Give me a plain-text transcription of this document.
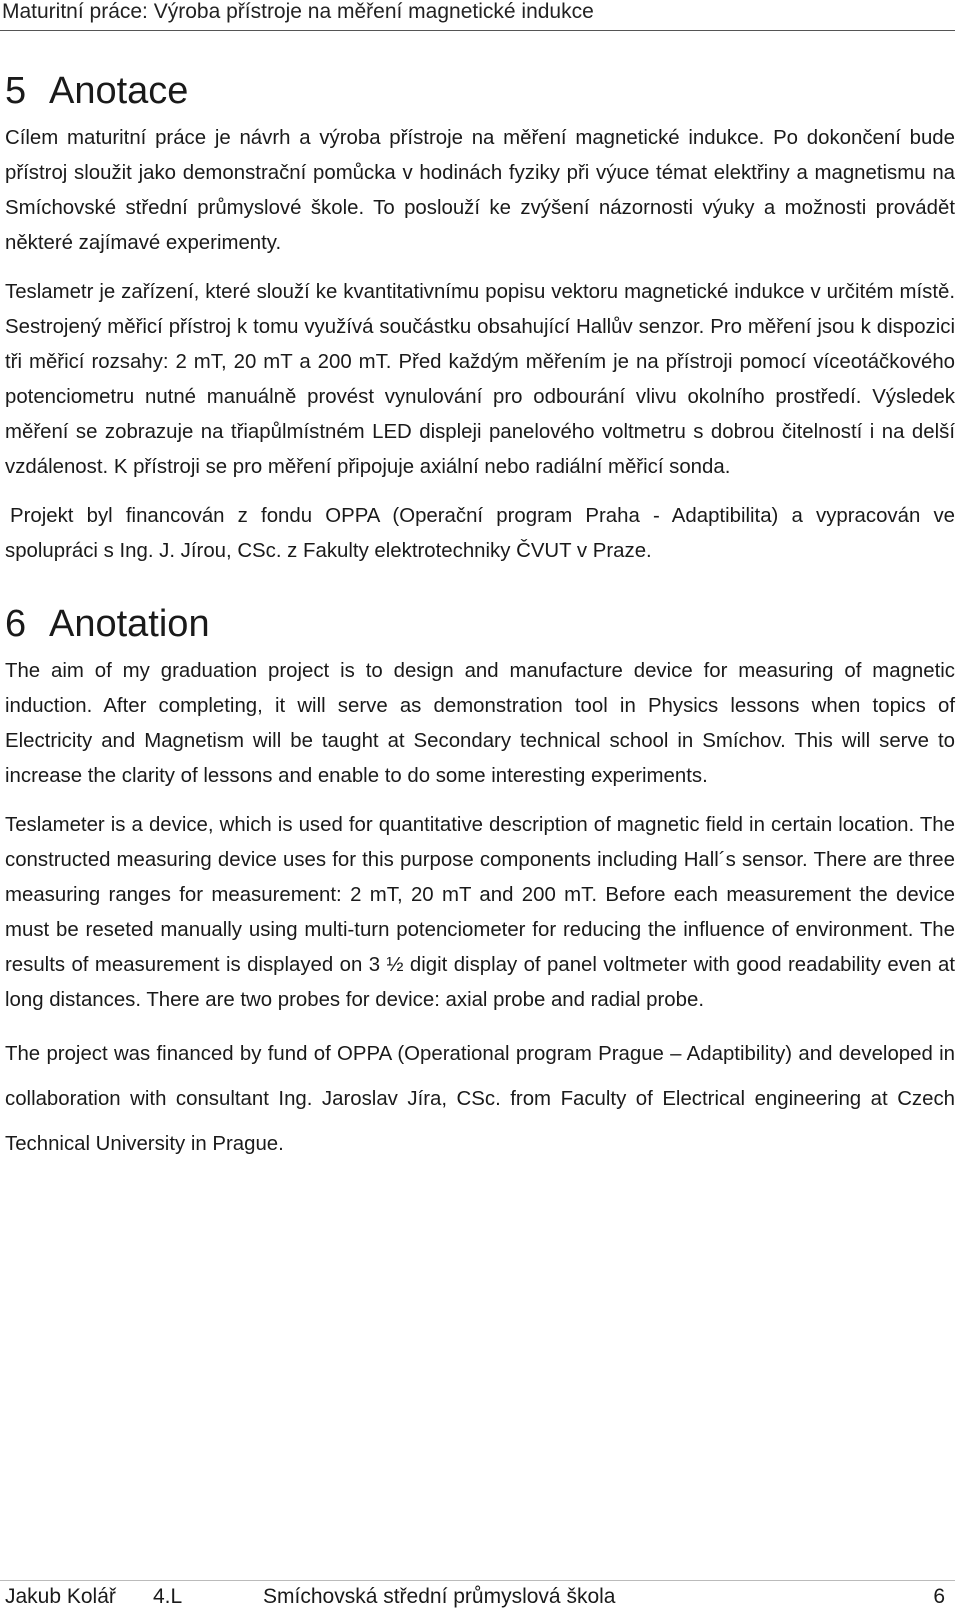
Maturitní práce: Výroba přístroje na měření magnetické indukce
5 Anotace

Cílem maturitní práce je návrh a výroba přístroje na měření magnetické indukce. Po dokončení bude přístroj sloužit jako demonstrační pomůcka v hodinách fyziky při výuce témat elektřiny a magnetismu na Smíchovské střední průmyslové škole. To poslouží ke zvýšení názornosti výuky a možnosti provádět některé zajímavé experimenty.

Teslametr je zařízení, které slouží ke kvantitativnímu popisu vektoru magnetické indukce v určitém místě. Sestrojený měřicí přístroj k tomu využívá součástku obsahující Hallův senzor. Pro měření jsou k dispozici tři měřicí rozsahy: 2 mT, 20 mT a 200 mT. Před každým měřením je na přístroji pomocí víceotáčkového potenciometru nutné manuálně provést vynulování pro odbourání vlivu okolního prostředí. Výsledek měření se zobrazuje na třiapůlmístném LED displeji panelového voltmetru s dobrou čitelností i na delší vzdálenost. K přístroji se pro měření připojuje axiální nebo radiální měřicí sonda.

Projekt byl financován z fondu OPPA (Operační program Praha - Adaptibilita) a vypracován ve spolupráci s Ing. J. Jírou, CSc. z Fakulty elektrotechniky ČVUT v Praze.

6 Anotation

The aim of my graduation project is to design and manufacture device for measuring of magnetic induction. After completing, it will serve as demonstration tool in Physics lessons when topics of Electricity and Magnetism will be taught at Secondary technical school in Smíchov. This will serve to increase the clarity of lessons and enable to do some interesting experiments.

Teslameter is a device, which is used for quantitative description of magnetic field in certain location. The constructed measuring device uses for this purpose components including Hall´s sensor. There are three measuring ranges for measurement: 2 mT, 20 mT and 200 mT. Before each measurement the device must be reseted manually using multi-turn potenciometer for reducing the influence of environment. The results of measurement is displayed on 3 ½ digit display of panel voltmeter with good readability even at long distances. There are two probes for device: axial probe and radial probe.

The project was financed by fund of OPPA (Operational program Prague – Adaptibility) and developed in collaboration with consultant Ing. Jaroslav Jíra, CSc. from Faculty of Electrical engineering at Czech Technical University in Prague.

Jakub Kolář 4.L	Smíchovská střední průmyslová škola	6
